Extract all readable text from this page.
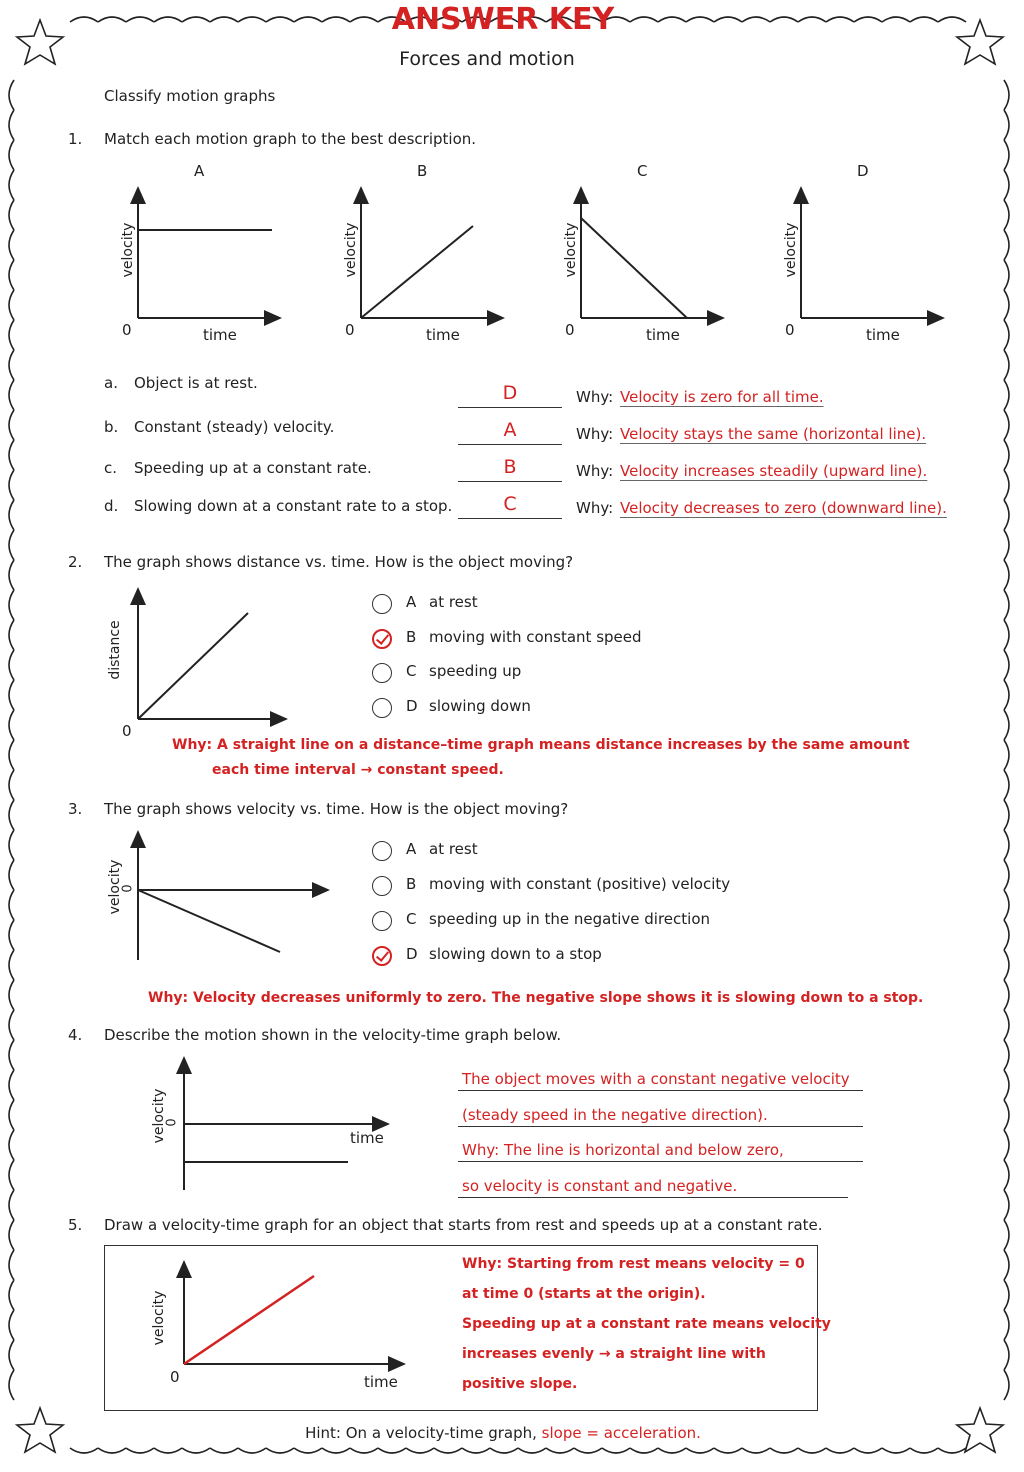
ANSWER KEY
Forces and motion
Classify motion graphs
1. Match each motion graph to the best description.
A
velocity
0	time
B
velocity
0	time
C
velocity
0	time
D
velocity
0	time
a. Object is at rest.	D	Why: Velocity is zero for all time.
b. Constant (steady) velocity.	A	Why: Velocity stays the same (horizontal line).
c. Speeding up at a constant rate.	B	Why: Velocity increases steadily (upward line).
d. Slowing down at a constant rate to a stop.	C	Why: Velocity decreases to zero (downward line).
2. The graph shows distance vs. time. How is the object moving?
distance
0
A at rest
B moving with constant speed
C speeding up
D slowing down
Why: A straight line on a distance–time graph means distance increases by the same amount
each time interval → constant speed.
3. The graph shows velocity vs. time. How is the object moving?
velocity
0
A at rest
B moving with constant (positive) velocity
C speeding up in the negative direction
D slowing down to a stop
Why: Velocity decreases uniformly to zero. The negative slope shows it is slowing down to a stop.
4. Describe the motion shown in the velocity-time graph below.
velocity
0
time
The object moves with a constant negative velocity
(steady speed in the negative direction).
Why: The line is horizontal and below zero,
so velocity is constant and negative.
5. Draw a velocity-time graph for an object that starts from rest and speeds up at a constant rate.
velocity
0	time
Why: Starting from rest means velocity = 0
at time 0 (starts at the origin).
Speeding up at a constant rate means velocity
increases evenly → a straight line with
positive slope.
Hint: On a velocity-time graph, slope = acceleration.
